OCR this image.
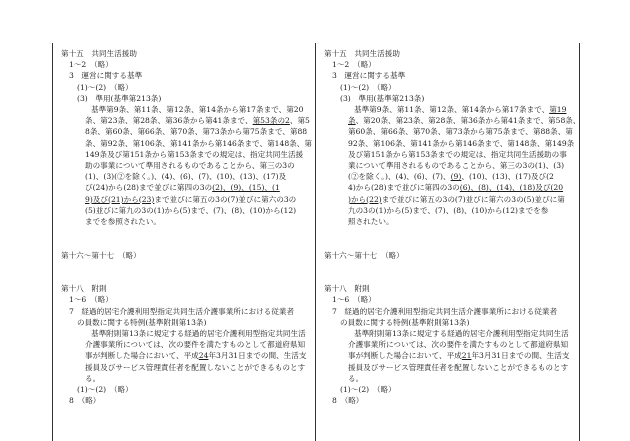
第十五　共同生活援助
1～2　（略）
3　運営に関する基準
(1)～(2)　（略）
(3)　準用(基準第213条)
基準第9条、第11条、第12条、第14条から第17条まで、第20
条、第23条、第28条、第36条から第41条まで、第53条の2、第5
8条、第60条、第66条、第70条、第73条から第75条まで、第88
条、第92条、第106条、第141条から第146条まで、第148条、第
149条及び第151条から第153条までの規定は、指定共同生活援
助の事業について準用されるものであることから、第三の3の
(1)、(3)(②を除く。)、(4)、(6)、(7)、(10)、(13)、(17)及
び(24)から(28)まで並びに第四の3の(2)、(9)、(15)、(1
9)及び(21)から(23)まで並びに第五の3の(7)並びに第六の3の
(5)並びに第九の3の(1)から(5)まで、(7)、(8)、(10)から(12)
までを参照されたい。
第十六～第十七　（略）
第十八　附則
1～6　（略）
7　経過的居宅介護利用型指定共同生活介護事業所における従業者
の員数に関する特例(基準附則第13条)
基準附則第13条に規定する経過的居宅介護利用型指定共同生活
介護事業所については、次の要件を満たすものとして都道府県知
事が判断した場合において、平成24年3月31日までの間、生活支
援員及びサービス管理責任者を配置しないことができるものとす
る。
(1)～(2)　（略）
8　（略）
第十五　共同生活援助
1～2　（略）
3　運営に関する基準
(1)～(2)　（略）
(3)　準用(基準第213条)
基準第9条、第11条、第12条、第14条から第17条まで、第19
条、第20条、第23条、第28条、第36条から第41条まで、第58条、
第60条、第66条、第70条、第73条から第75条まで、第88条、第
92条、第106条、第141条から第146条まで、第148条、第149条
及び第151条から第153条までの規定は、指定共同生活援助の事
業について準用されるものであることから、第三の3の(1)、(3)
(②を除く。)、(4)、(6)、(7)、(9)、(10)、(13)、(17)及び(2
4)から(28)まで並びに第四の3の(6)、(8)、(14)、(18)及び(20
)から(22)まで並びに第五の3の(7)並びに第六の3の(5)並びに第
九の3の(1)から(5)まで、(7)、(8)、(10)から(12)までを参
照されたい。
第十六～第十七　（略）
第十八　附則
1～6　（略）
7　経過的居宅介護利用型指定共同生活介護事業所における従業者
の員数に関する特例(基準附則第13条)
基準附則第13条に規定する経過的居宅介護利用型指定共同生活
介護事業所については、次の要件を満たすものとして都道府県知
事が判断した場合において、平成21年3月31日までの間、生活支
援員及びサービス管理責任者を配置しないことができるものとす
る。
(1)～(2)　（略）
8　（略）
